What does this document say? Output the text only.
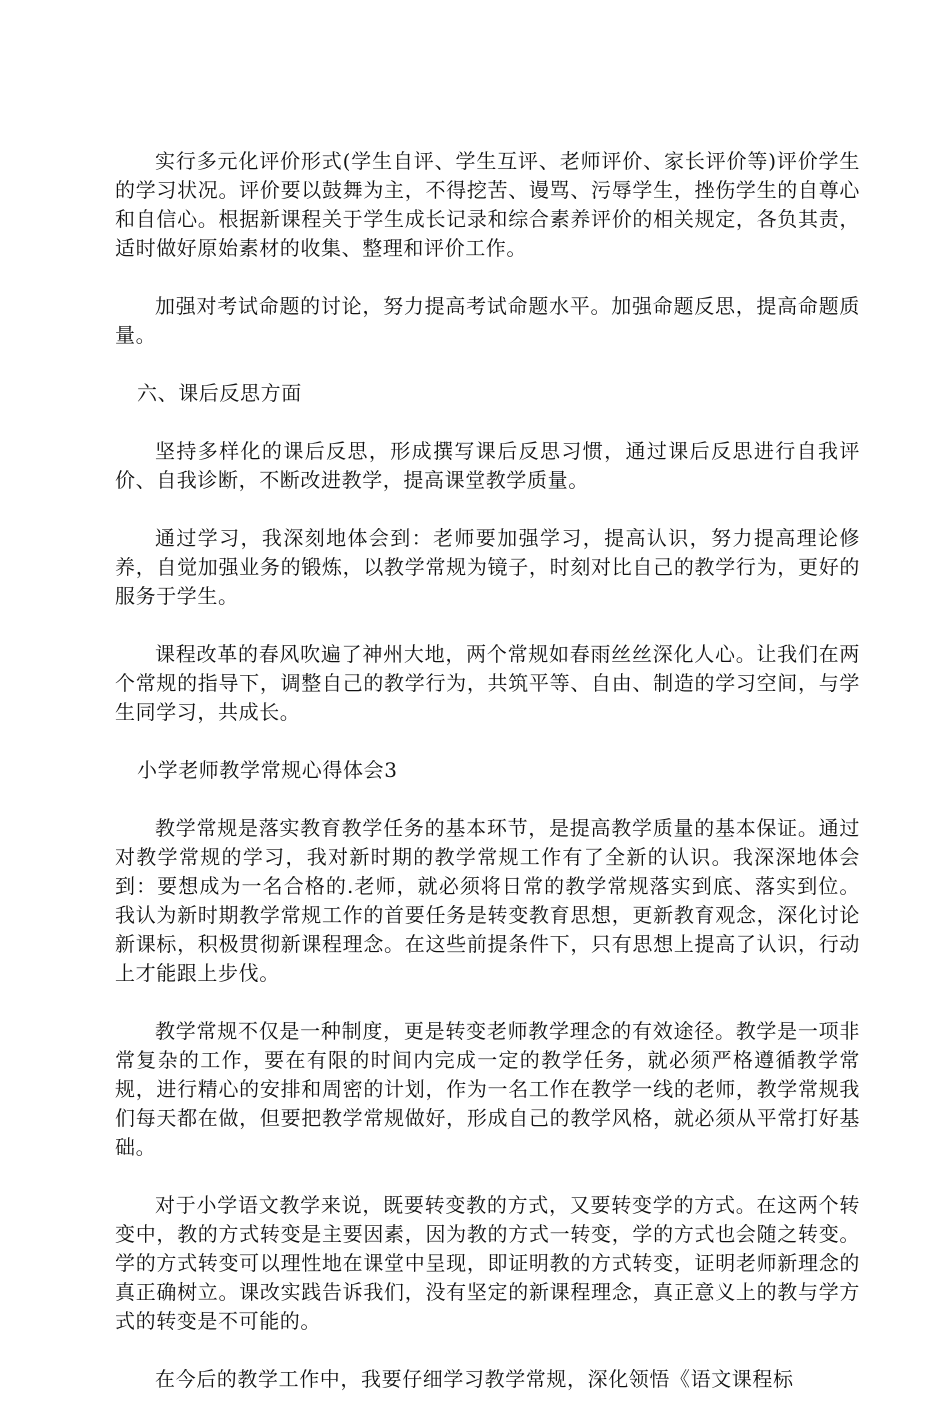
实行多元化评价形式(学生自评、学生互评、老师评价、家长评价等)评价学生的学习状况。评价要以鼓舞为主，不得挖苦、谩骂、污辱学生，挫伤学生的自尊心和自信心。根据新课程关于学生成长记录和综合素养评价的相关规定，各负其责，适时做好原始素材的收集、整理和评价工作。

加强对考试命题的讨论，努力提高考试命题水平。加强命题反思，提高命题质量。

六、课后反思方面

坚持多样化的课后反思，形成撰写课后反思习惯，通过课后反思进行自我评价、自我诊断，不断改进教学，提高课堂教学质量。

通过学习，我深刻地体会到：老师要加强学习，提高认识，努力提高理论修养，自觉加强业务的锻炼，以教学常规为镜子，时刻对比自己的教学行为，更好的服务于学生。

课程改革的春风吹遍了神州大地，两个常规如春雨丝丝深化人心。让我们在两个常规的指导下，调整自己的教学行为，共筑平等、自由、制造的学习空间，与学生同学习，共成长。

小学老师教学常规心得体会3

教学常规是落实教育教学任务的基本环节，是提高教学质量的基本保证。通过对教学常规的学习，我对新时期的教学常规工作有了全新的认识。我深深地体会到：要想成为一名合格的.老师，就必须将日常的教学常规落实到底、落实到位。我认为新时期教学常规工作的首要任务是转变教育思想，更新教育观念，深化讨论新课标，积极贯彻新课程理念。在这些前提条件下，只有思想上提高了认识，行动上才能跟上步伐。

教学常规不仅是一种制度，更是转变老师教学理念的有效途径。教学是一项非常复杂的工作，要在有限的时间内完成一定的教学任务，就必须严格遵循教学常规，进行精心的安排和周密的计划，作为一名工作在教学一线的老师，教学常规我们每天都在做，但要把教学常规做好，形成自己的教学风格，就必须从平常打好基础。

对于小学语文教学来说，既要转变教的方式，又要转变学的方式。在这两个转变中，教的方式转变是主要因素，因为教的方式一转变，学的方式也会随之转变。学的方式转变可以理性地在课堂中呈现，即证明教的方式转变，证明老师新理念的真正确树立。课改实践告诉我们，没有坚定的新课程理念，真正意义上的教与学方式的转变是不可能的。

在今后的教学工作中，我要仔细学习教学常规，深化领悟《语文课程标
